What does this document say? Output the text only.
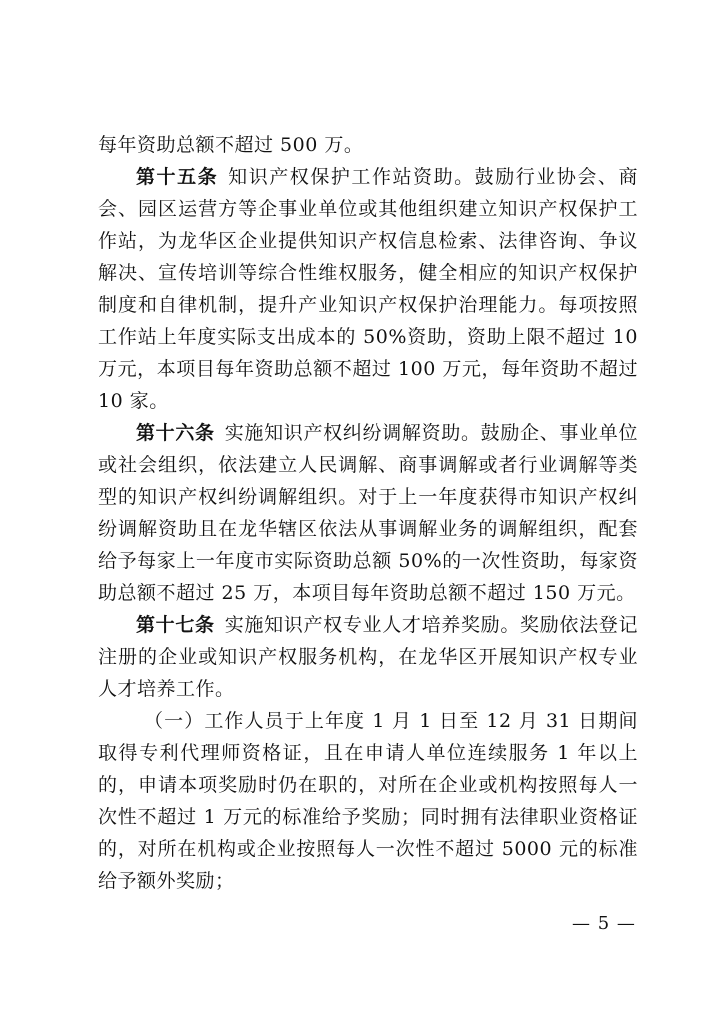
每年资助总额不超过 500 万。

第十五条 知识产权保护工作站资助。鼓励行业协会、商会、园区运营方等企事业单位或其他组织建立知识产权保护工作站，为龙华区企业提供知识产权信息检索、法律咨询、争议解决、宣传培训等综合性维权服务，健全相应的知识产权保护制度和自律机制，提升产业知识产权保护治理能力。每项按照工作站上年度实际支出成本的 50%资助，资助上限不超过 10 万元，本项目每年资助总额不超过 100 万元，每年资助不超过 10 家。

第十六条 实施知识产权纠纷调解资助。鼓励企、事业单位或社会组织，依法建立人民调解、商事调解或者行业调解等类型的知识产权纠纷调解组织。对于上一年度获得市知识产权纠纷调解资助且在龙华辖区依法从事调解业务的调解组织，配套给予每家上一年度市实际资助总额 50%的一次性资助，每家资助总额不超过 25 万，本项目每年资助总额不超过 150 万元。

第十七条 实施知识产权专业人才培养奖励。奖励依法登记注册的企业或知识产权服务机构，在龙华区开展知识产权专业人才培养工作。

（一）工作人员于上年度 1 月 1 日至 12 月 31 日期间取得专利代理师资格证，且在申请人单位连续服务 1 年以上的，申请本项奖励时仍在职的，对所在企业或机构按照每人一次性不超过 1 万元的标准给予奖励；同时拥有法律职业资格证的，对所在机构或企业按照每人一次性不超过 5000 元的标准给予额外奖励；

— 5 —
